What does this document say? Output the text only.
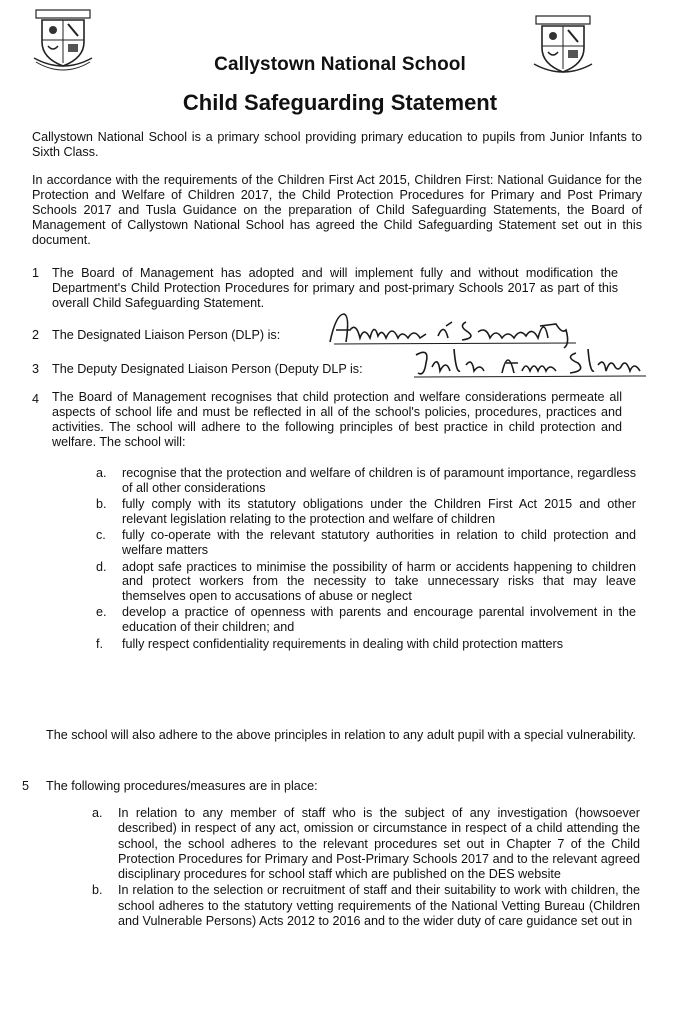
Callystown National School
Child Safeguarding Statement
Callystown National School is a primary school providing primary education to pupils from Junior Infants to Sixth Class.
In accordance with the requirements of the Children First Act 2015, Children First: National Guidance for the Protection and Welfare of Children 2017, the Child Protection Procedures for Primary and Post Primary Schools 2017 and Tusla Guidance on the preparation of Child Safeguarding Statements, the Board of Management of Callystown National School has agreed the Child Safeguarding Statement set out in this document.
1 The Board of Management has adopted and will implement fully and without modification the Department's Child Protection Procedures for primary and post-primary Schools 2017 as part of this overall Child Safeguarding Statement.
2 The Designated Liaison Person (DLP) is:
3 The Deputy Designated Liaison Person (Deputy DLP is:
4 The Board of Management recognises that child protection and welfare considerations permeate all aspects of school life and must be reflected in all of the school's policies, procedures, practices and activities. The school will adhere to the following principles of best practice in child protection and welfare. The school will:
a. recognise that the protection and welfare of children is of paramount importance, regardless of all other considerations
b. fully comply with its statutory obligations under the Children First Act 2015 and other relevant legislation relating to the protection and welfare of children
c. fully co-operate with the relevant statutory authorities in relation to child protection and welfare matters
d. adopt safe practices to minimise the possibility of harm or accidents happening to children and protect workers from the necessity to take unnecessary risks that may leave themselves open to accusations of abuse or neglect
e. develop a practice of openness with parents and encourage parental involvement in the education of their children; and
f. fully respect confidentiality requirements in dealing with child protection matters
The school will also adhere to the above principles in relation to any adult pupil with a special vulnerability.
5 The following procedures/measures are in place:
a. In relation to any member of staff who is the subject of any investigation (howsoever described) in respect of any act, omission or circumstance in respect of a child attending the school, the school adheres to the relevant procedures set out in Chapter 7 of the Child Protection Procedures for Primary and Post-Primary Schools 2017 and to the relevant agreed disciplinary procedures for school staff which are published on the DES website
b. In relation to the selection or recruitment of staff and their suitability to work with children, the school adheres to the statutory vetting requirements of the National Vetting Bureau (Children and Vulnerable Persons) Acts 2012 to 2016 and to the wider duty of care guidance set out in
